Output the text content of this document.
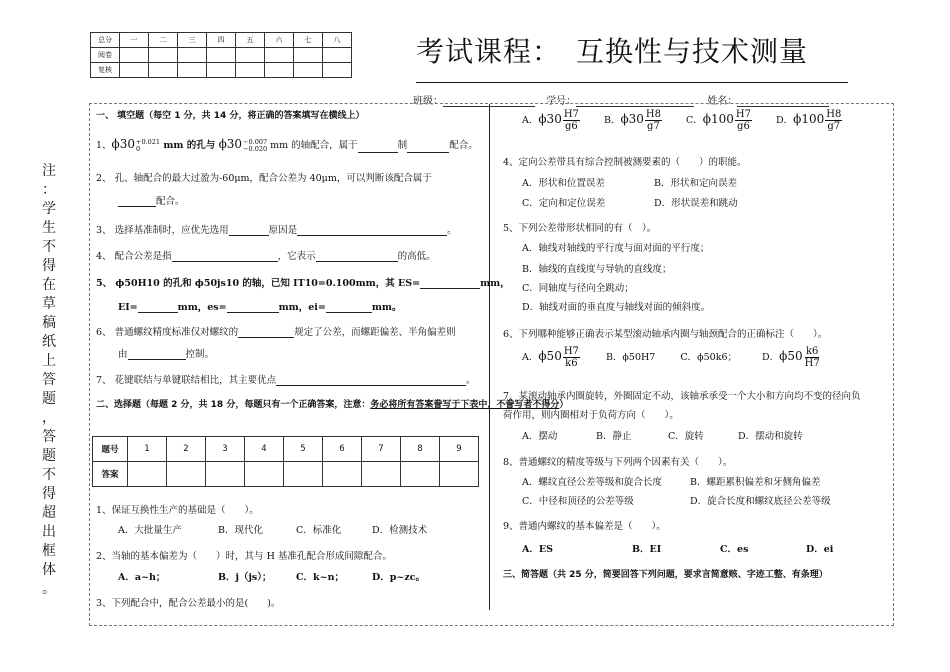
总分	一	二	三	四	五	六	七	八
阅卷								
复核								
考试课程：　互换性与技术测量
班级：	学号：	姓名：
注
：
学
生
不
得
在
草
稿
纸
上
答
题
，
答
题
不
得
超
出
框
体
。
一、 填空题（每空 1 分，共 14 分，将正确的答案填写在横线上）
1、ϕ30 +0.021
0	mm 的孔与 ϕ30 −0.007
−0.020 mm 的轴配合，属于	制	配合。
2、 孔、轴配合的最大过盈为-60μm，配合公差为 40μm，可以判断该配合属于
配合。
3、 选择基准制时，应优先选用	原因是	。
4、 配合公差是指	，它表示	的高低。
5、 ϕ50H10 的孔和 ϕ50js10 的轴，已知 IT10=0.100mm，其 ES=	mm，
EI=	mm，es=	mm，ei=	mm。
6、 普通螺纹精度标准仅对螺纹的	规定了公差，而螺距偏差、半角偏差则
由	控制。
7、 花键联结与单键联结相比，其主要优点	。
二、选择题（每题 2 分，共 18 分，每题只有一个正确答案，注意：务必将所有答案誊写于下表中，不誊写者不得分）
题号	1	2	3	4	5	6	7	8	9
答案									
1、保证互换性生产的基础是（　　）。
A．大批量生产	B．现代化	C．标准化	D．检测技术
2、当轴的基本偏差为（　　）时，其与 H 基准孔配合形成间隙配合。
A．a~h；	B．j（js）；	C．k~n；	D．p~zc。
3、下列配合中，配合公差最小的是(　　)。
A．$\phi 30 \frac{H7}{g6}$	B．$\phi 30 \frac{H8}{g7}$	C．$\phi 100 \frac{H7}{g6}$	D．$\phi 100 \frac{H8}{g7}$
4、定向公差带具有综合控制被测要素的（　　）的职能。
A．形状和位置误差	B．形状和定向误差
C．定向和定位误差	D．形状误差和跳动
5、下列公差带形状相同的有（　）。
A．轴线对轴线的平行度与面对面的平行度；
B．轴线的直线度与导轨的直线度；
C．同轴度与径向全跳动；
D．轴线对面的垂直度与轴线对面的倾斜度。
6、下列哪种能够正确表示某型滚动轴承内圈与轴颈配合的正确标注（　　）。
A．$\phi 50 \frac{H7}{k6}$	B．ϕ50H7	C．ϕ50k6；	D．$\phi 50 \frac{k6}{H7}$
7、某滚动轴承内圈旋转，外圈固定不动，该轴承承受一个大小和方向均不变的径向负
荷作用，则内圈相对于负荷方向（　　）。
A．摆动	B．静止	C．旋转	D．摆动和旋转
8、普通螺纹的精度等级与下列两个因素有关（　　）。
A．螺纹直径公差等级和旋合长度	B．螺距累积偏差和牙侧角偏差
C．中径和顶径的公差等级	D．旋合长度和螺纹底径公差等级
9、普通内螺纹的基本偏差是（　　）。
A．ES	B．EI	C．es	D．ei
三、简答题（共 25 分，简要回答下列问题，要求言简意赅、字迹工整、有条理）
